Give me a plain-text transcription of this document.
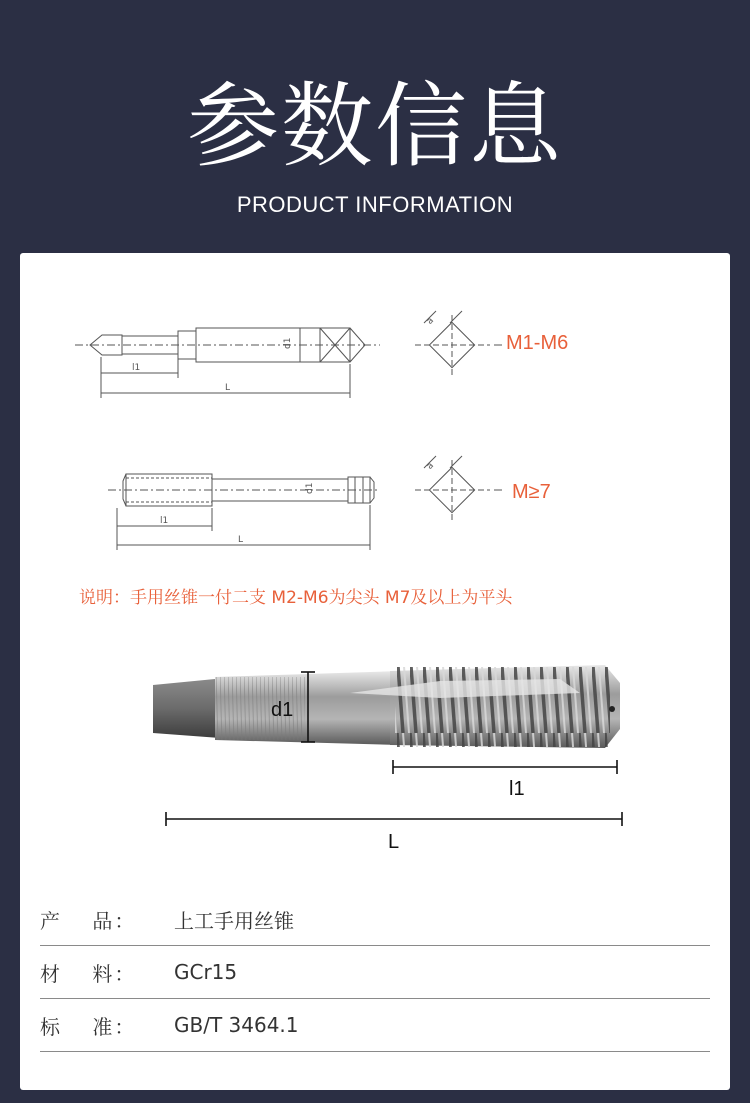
参数信息
PRODUCT INFORMATION
l1
L
d1
a
l1
L
d1
a
M1-M6
M≥7
说明：手用丝锥一付二支 M2-M6为尖头 M7及以上为平头
d1
l1
L
产　 品：	上工手用丝锥
材　 料：	GCr15
标　 准：	GB/T 3464.1
